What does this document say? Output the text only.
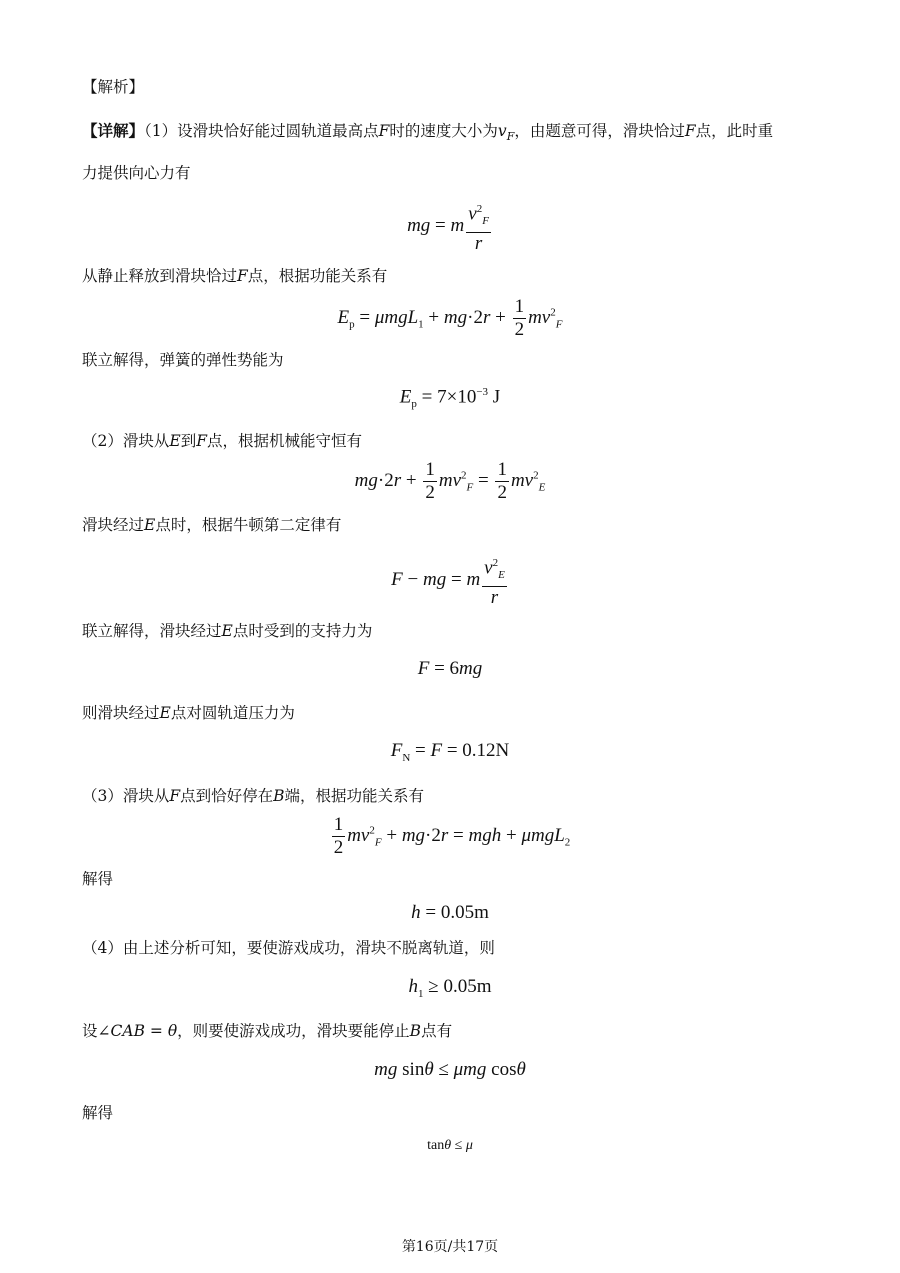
【解析】
【详解】（1）设滑块恰好能过圆轨道最高点F时的速度大小为$v_F$，由题意可得，滑块恰过F点，此时重
力提供向心力有
mg = m $\frac{v^2_F}{r}$
从静止释放到滑块恰过F点，根据功能关系有
$E_p = \mu mgL_1 + mg\cdot 2r + \frac{1}{2} mv^2_F$
联立解得，弹簧的弹性势能为
$E_p = 7\times 10^{-3}$ J
（2）滑块从E到F点，根据机械能守恒有
$mg\cdot 2r + \frac{1}{2} mv^2_F = \frac{1}{2} mv^2_E$
滑块经过E点时，根据牛顿第二定律有
F − mg = m $\frac{v^2_E}{r}$
联立解得，滑块经过E点时受到的支持力为
F = 6mg
则滑块经过E点对圆轨道压力为
$F_N = F = 0.12N$
（3）滑块从F点到恰好停在B端，根据功能关系有
$\frac{1}{2} mv^2_F + mg\cdot 2r$ = mgh + μmgL$_2$
解得
h = 0.05m
（4）由上述分析可知，要使游戏成功，滑块不脱离轨道，则
$h_1 \ge 0.05m$
设∠CAB = θ，则要使游戏成功，滑块要能停止B点有
mg sinθ ≤ μmg cosθ
解得
tanθ ≤ μ
第16页/共17页
